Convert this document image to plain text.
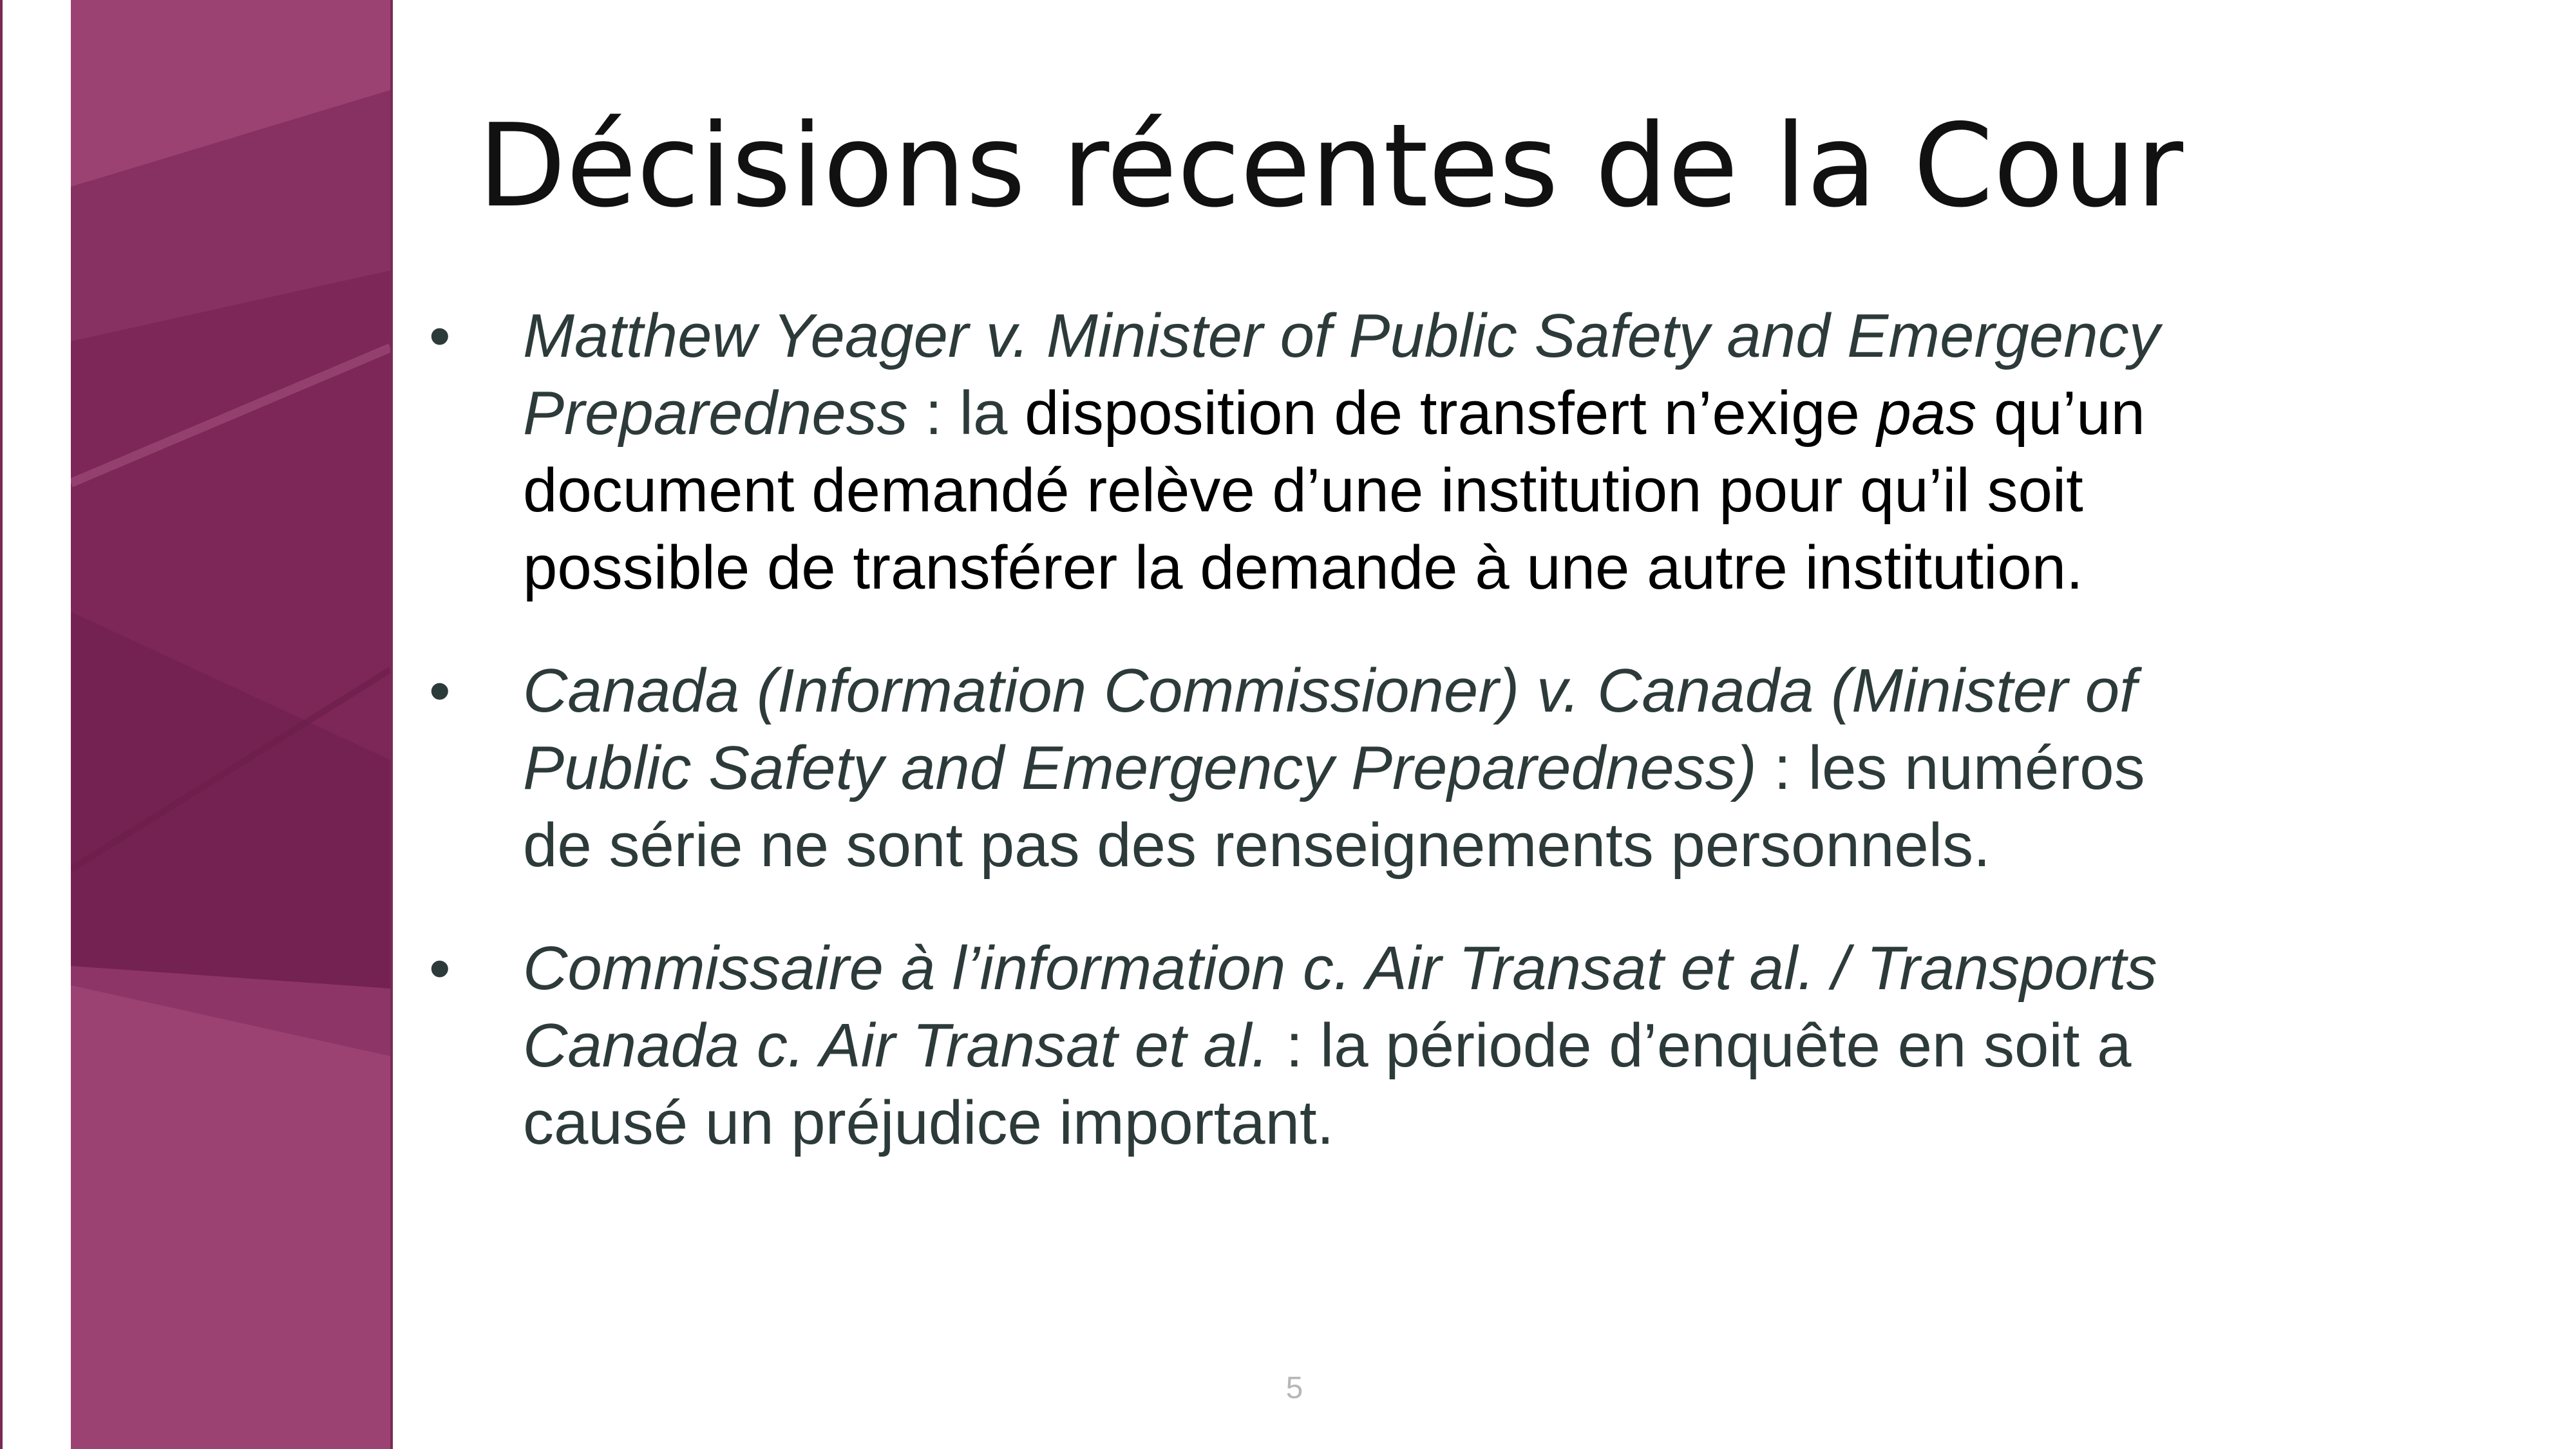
Décisions récentes de la Cour
• Matthew Yeager v. Minister of Public Safety and Emergency Preparedness : la disposition de transfert n’exige pas qu’un document demandé relève d’une institution pour qu’il soit possible de transférer la demande à une autre institution.
• Canada (Information Commissioner) v. Canada (Minister of Public Safety and Emergency Preparedness) : les numéros de série ne sont pas des renseignements personnels.
• Commissaire à l’information c. Air Transat et al. / Transports Canada c. Air Transat et al. : la période d’enquête en soit a causé un préjudice important.
5
